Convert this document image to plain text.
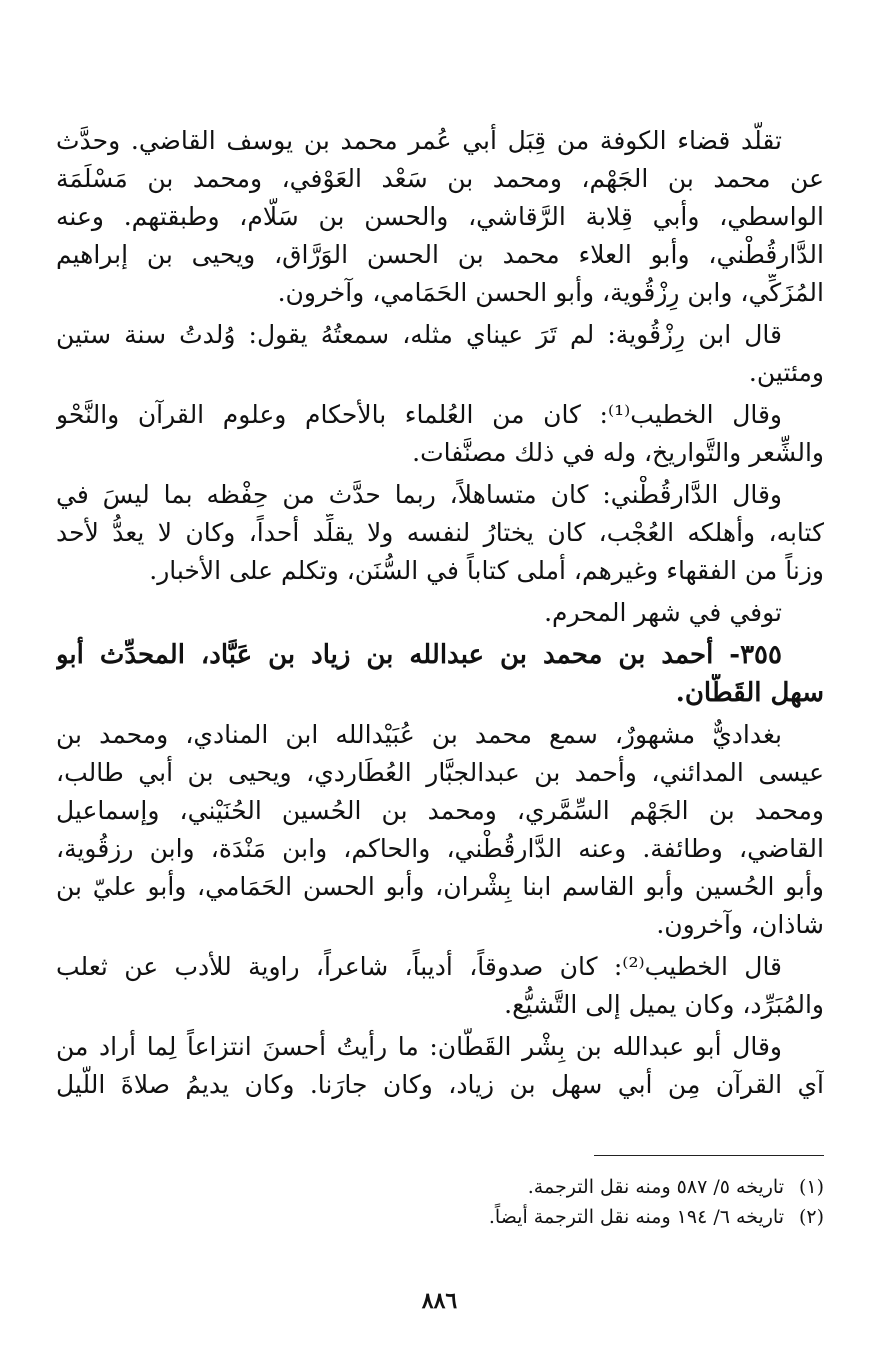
تقلّد قضاء الكوفة من قِبَل أبي عُمر محمد بن يوسف القاضي. وحدَّث
عن محمد بن الجَهْم، ومحمد بن سَعْد العَوْفي، ومحمد بن مَسْلَمَة
الواسطي، وأبي قِلابة الرَّقاشي، والحسن بن سَلَّام، وطبقتهم. وعنه
الدَّارقُطْني، وأبو العلاء محمد بن الحسن الوَرَّاق، ويحيى بن إبراهيم
المُزَكِّي، وابن رِزْقُوية، وأبو الحسن الحَمَامي، وآخرون.
قال ابن رِزْقُوية: لم تَرَ عيناي مثله، سمعتُهُ يقول: وُلدتُ سنة ستين
ومئتين.
وقال الخطيب⁽¹⁾: كان من العُلماء بالأحكام وعلوم القرآن والنَّحْو
والشِّعر والتَّواريخ، وله في ذلك مصنَّفات.
وقال الدَّارقُطْني: كان متساهلاً، ربما حدَّث من حِفْظه بما ليسَ في
كتابه، وأهلكه العُجْب، كان يختارُ لنفسه ولا يقلِّد أحداً، وكان لا يعدُّ لأحد
وزناً من الفقهاء وغيرهم، أملى كتاباً في السُّنَن، وتكلم على الأخبار.
توفي في شهر المحرم.
٣٥٥- أحمد بن محمد بن عبدالله بن زياد بن عَبَّاد، المحدِّث أبو
سهل القَطَّان.
بغداديٌّ مشهورٌ، سمع محمد بن عُبَيْدالله ابن المنادي، ومحمد بن
عيسى المدائني، وأحمد بن عبدالجبَّار العُطَاردي، ويحيى بن أبي طالب،
ومحمد بن الجَهْم السِّمَّري، ومحمد بن الحُسين الحُنَيْني، وإسماعيل
القاضي، وطائفة. وعنه الدَّارقُطْني، والحاكم، وابن مَنْدَة، وابن رزقُوية،
وأبو الحُسين وأبو القاسم ابنا بِشْران، وأبو الحسن الحَمَامي، وأبو عليّ بن
شاذان، وآخرون.
قال الخطيب⁽²⁾: كان صدوقاً، أديباً، شاعراً، راوية للأدب عن ثعلب
والمُبَرِّد، وكان يميل إلى التَّشيُّع.
وقال أبو عبدالله بن بِشْر القَطَّان: ما رأيتُ أحسنَ انتزاعاً لِما أراد من
آي القرآن مِن أبي سهل بن زياد، وكان جارَنا. وكان يديمُ صلاةَ اللَّيل
(١)تاريخه ٥/ ٥٨٧ ومنه نقل الترجمة.
(٢)تاريخه ٦/ ١٩٤ ومنه نقل الترجمة أيضاً.
٨٨٦
